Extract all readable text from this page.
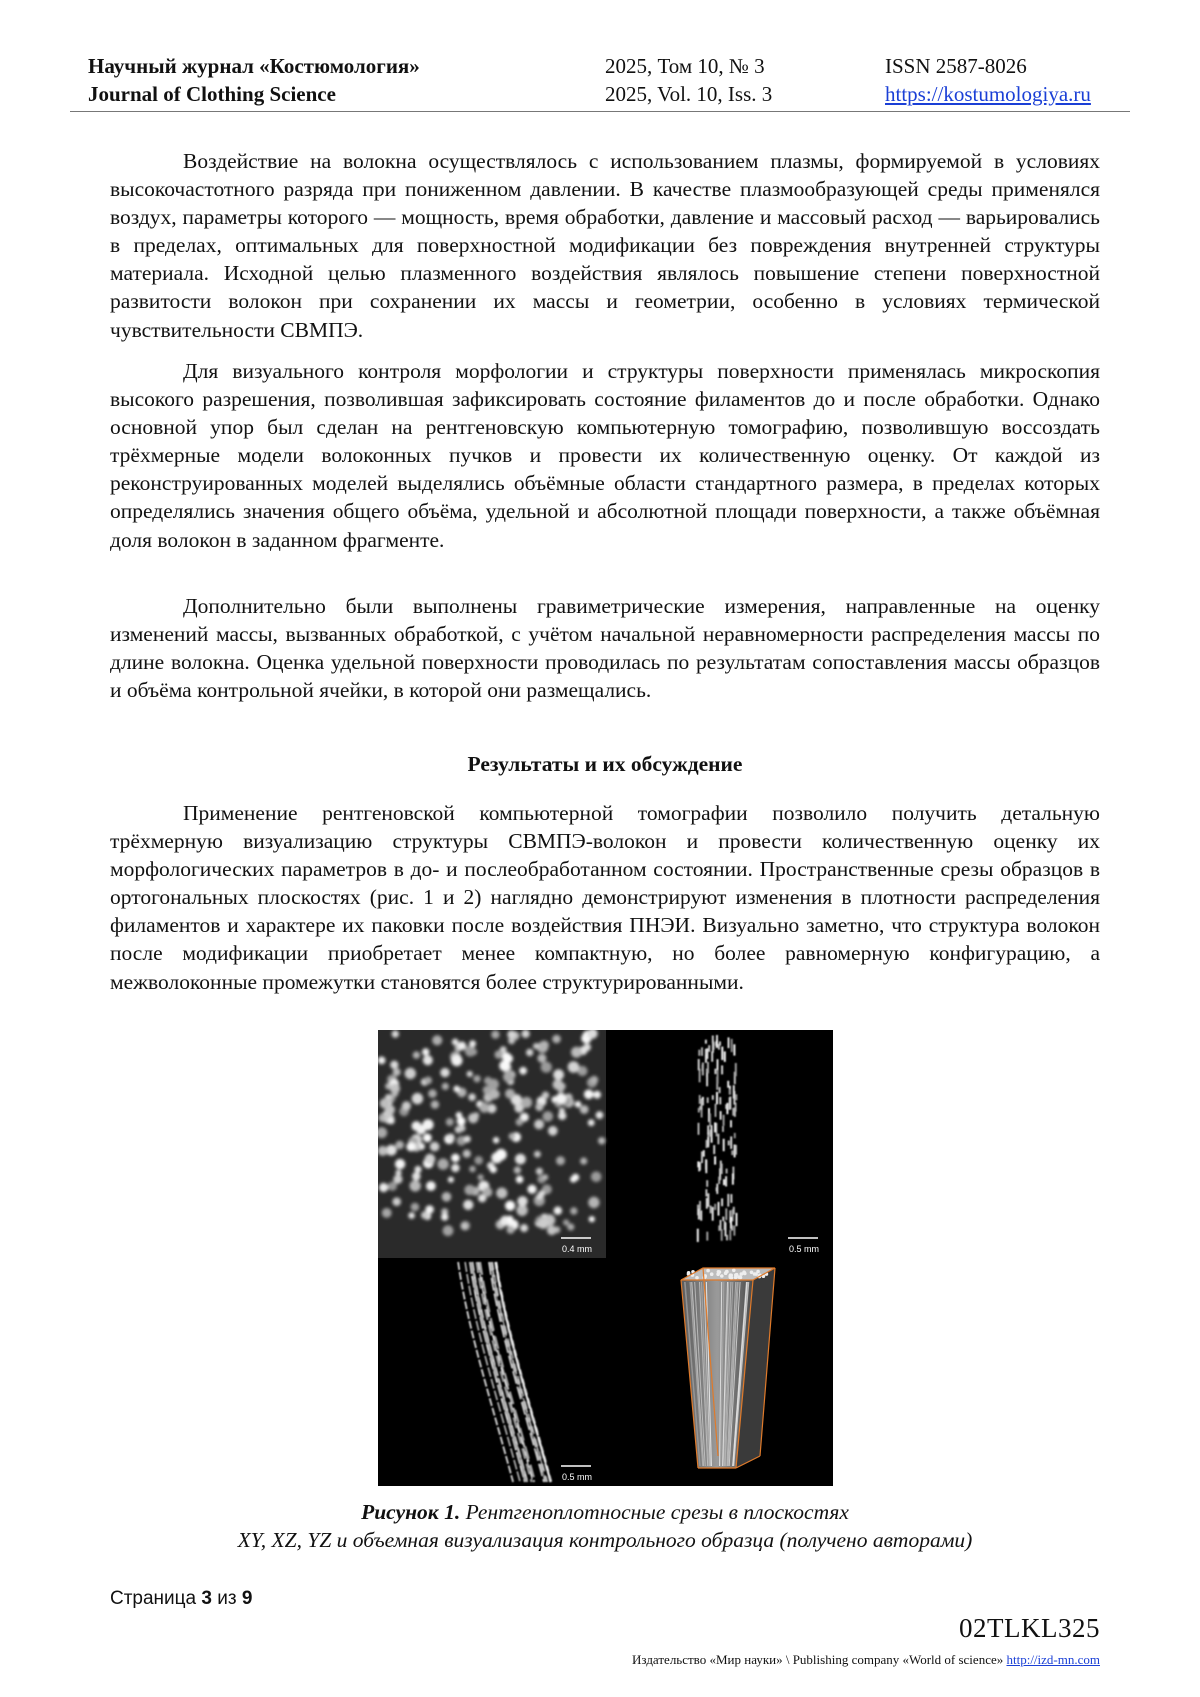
Научный журнал «Костюмология»
Journal of Clothing Science
2025, Том 10, № 3
2025, Vol. 10, Iss. 3
ISSN 2587-8026
https://kostumologiya.ru

Воздействие на волокна осуществлялось с использованием плазмы, формируемой в условиях высокочастотного разряда при пониженном давлении. В качестве плазмообразующей среды применялся воздух, параметры которого — мощность, время обработки, давление и массовый расход — варьировались в пределах, оптимальных для поверхностной модификации без повреждения внутренней структуры материала. Исходной целью плазменного воздействия являлось повышение степени поверхностной развитости волокон при сохранении их массы и геометрии, особенно в условиях термической чувствительности СВМПЭ.

Для визуального контроля морфологии и структуры поверхности применялась микроскопия высокого разрешения, позволившая зафиксировать состояние филаментов до и после обработки. Однако основной упор был сделан на рентгеновскую компьютерную томографию, позволившую воссоздать трёхмерные модели волоконных пучков и провести их количественную оценку. От каждой из реконструированных моделей выделялись объёмные области стандартного размера, в пределах которых определялись значения общего объёма, удельной и абсолютной площади поверхности, а также объёмная доля волокон в заданном фрагменте.

Дополнительно были выполнены гравиметрические измерения, направленные на оценку изменений массы, вызванных обработкой, с учётом начальной неравномерности распределения массы по длине волокна. Оценка удельной поверхности проводилась по результатам сопоставления массы образцов и объёма контрольной ячейки, в которой они размещались.

Результаты и их обсуждение

Применение рентгеновской компьютерной томографии позволило получить детальную трёхмерную визуализацию структуры СВМПЭ-волокон и провести количественную оценку их морфологических параметров в до- и послеобработанном состоянии. Пространственные срезы образцов в ортогональных плоскостях (рис. 1 и 2) наглядно демонстрируют изменения в плотности распределения филаментов и характере их паковки после воздействия ПНЭИ. Визуально заметно, что структура волокон после модификации приобретает менее компактную, но более равномерную конфигурацию, а межволоконные промежутки становятся более структурированными.

0.4 mm	0.5 mm
0.5 mm
Рисунок 1. Рентгеноплотносные срезы в плоскостях
XY, XZ, YZ и объемная визуализация контрольного образца (получено авторами)
Страница 3 из 9
02TLKL325
Издательство «Мир науки» \ Publishing company «World of science» http://izd-mn.com
